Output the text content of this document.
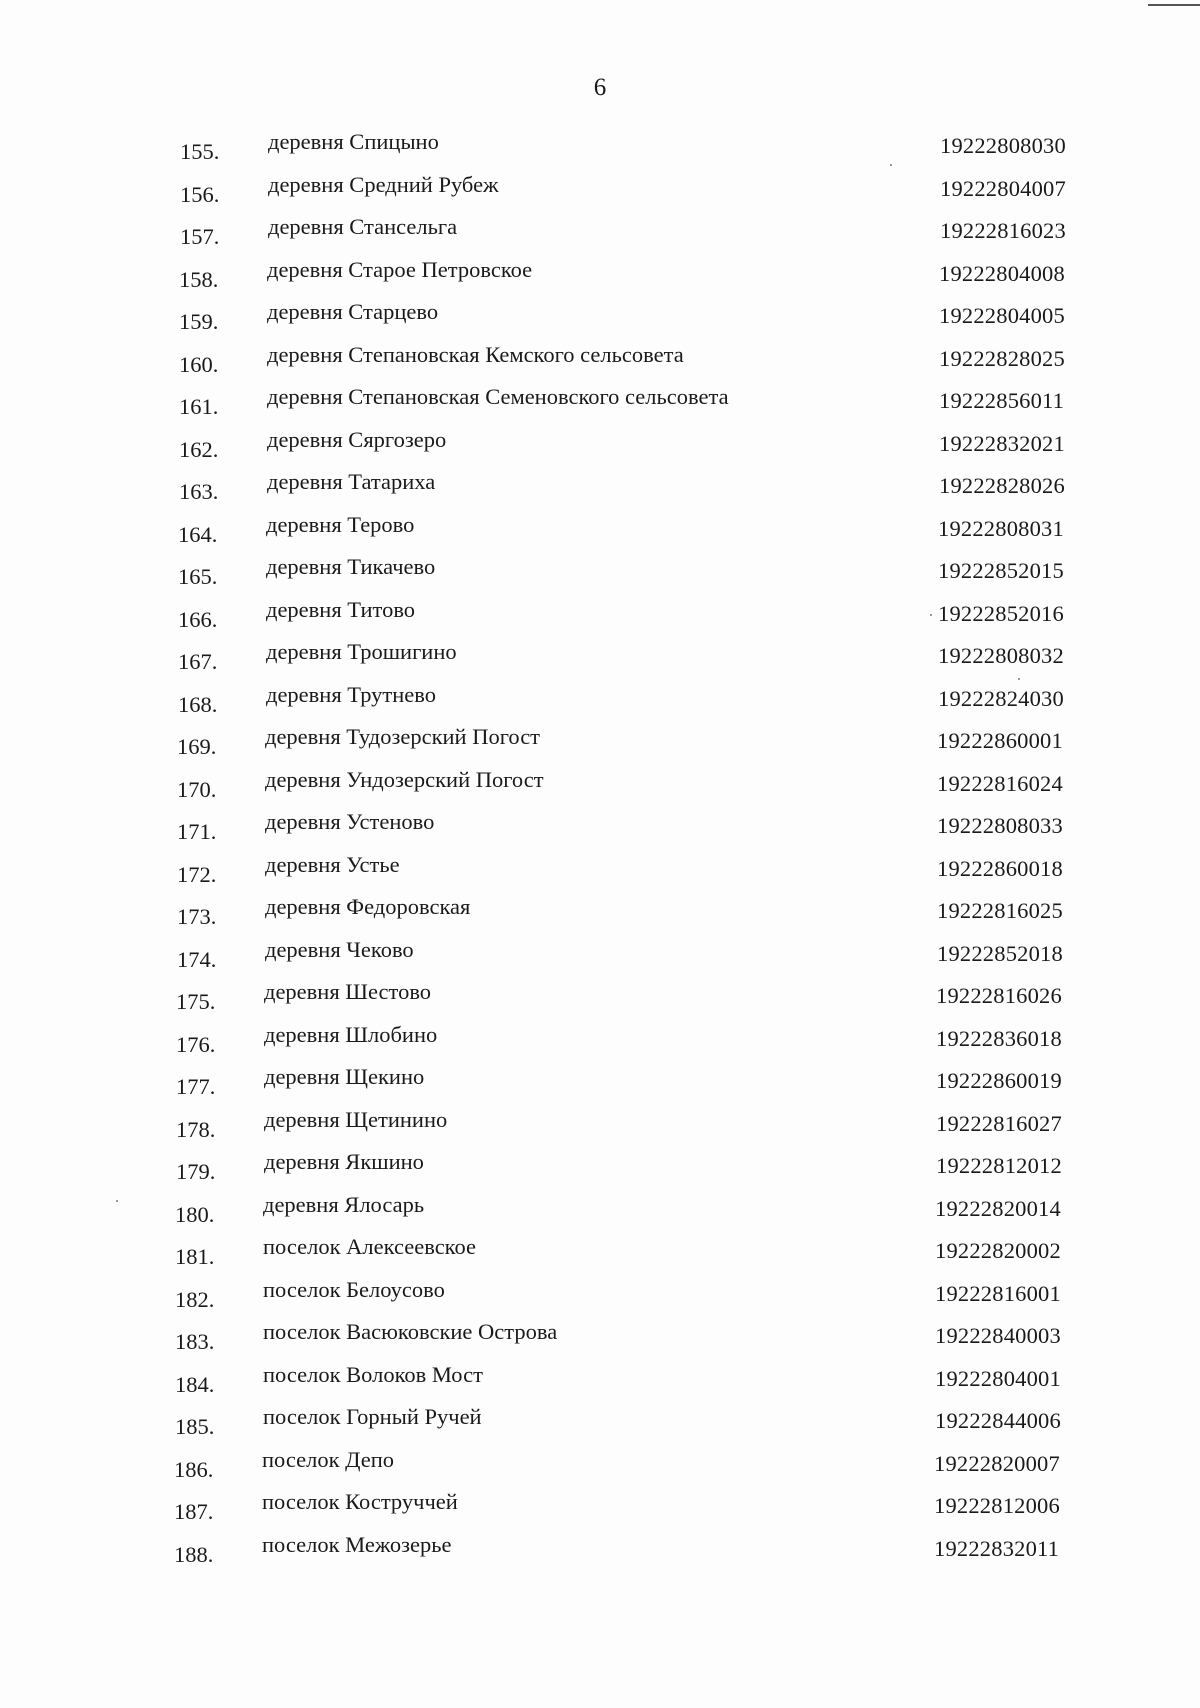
6
155. деревня Спицыно	19222808030
156. деревня Средний Рубеж	19222804007
157. деревня Стансельга	19222816023
158. деревня Старое Петровское	19222804008
159. деревня Старцево	19222804005
160. деревня Степановская Кемского сельсовета	19222828025
161. деревня Степановская Семеновского сельсовета	19222856011
162. деревня Сяргозеро	19222832021
163. деревня Татариха	19222828026
164. деревня Терово	19222808031
165. деревня Тикачево	19222852015
166. деревня Титово	19222852016
167. деревня Трошигино	19222808032
168. деревня Трутнево	19222824030
169. деревня Тудозерский Погост	19222860001
170. деревня Ундозерский Погост	19222816024
171. деревня Устеново	19222808033
172. деревня Устье	19222860018
173. деревня Федоровская	19222816025
174. деревня Чеково	19222852018
175. деревня Шестово	19222816026
176. деревня Шлобино	19222836018
177. деревня Щекино	19222860019
178. деревня Щетинино	19222816027
179. деревня Якшино	19222812012
180. деревня Ялосарь	19222820014
181. поселок Алексеевское	19222820002
182. поселок Белоусово	19222816001
183. поселок Васюковские Острова	19222840003
184. поселок Волоков Мост	19222804001
185. поселок Горный Ручей	19222844006
186. поселок Депо	19222820007
187. поселок Коструччей	19222812006
188. поселок Межозерье	19222832011
